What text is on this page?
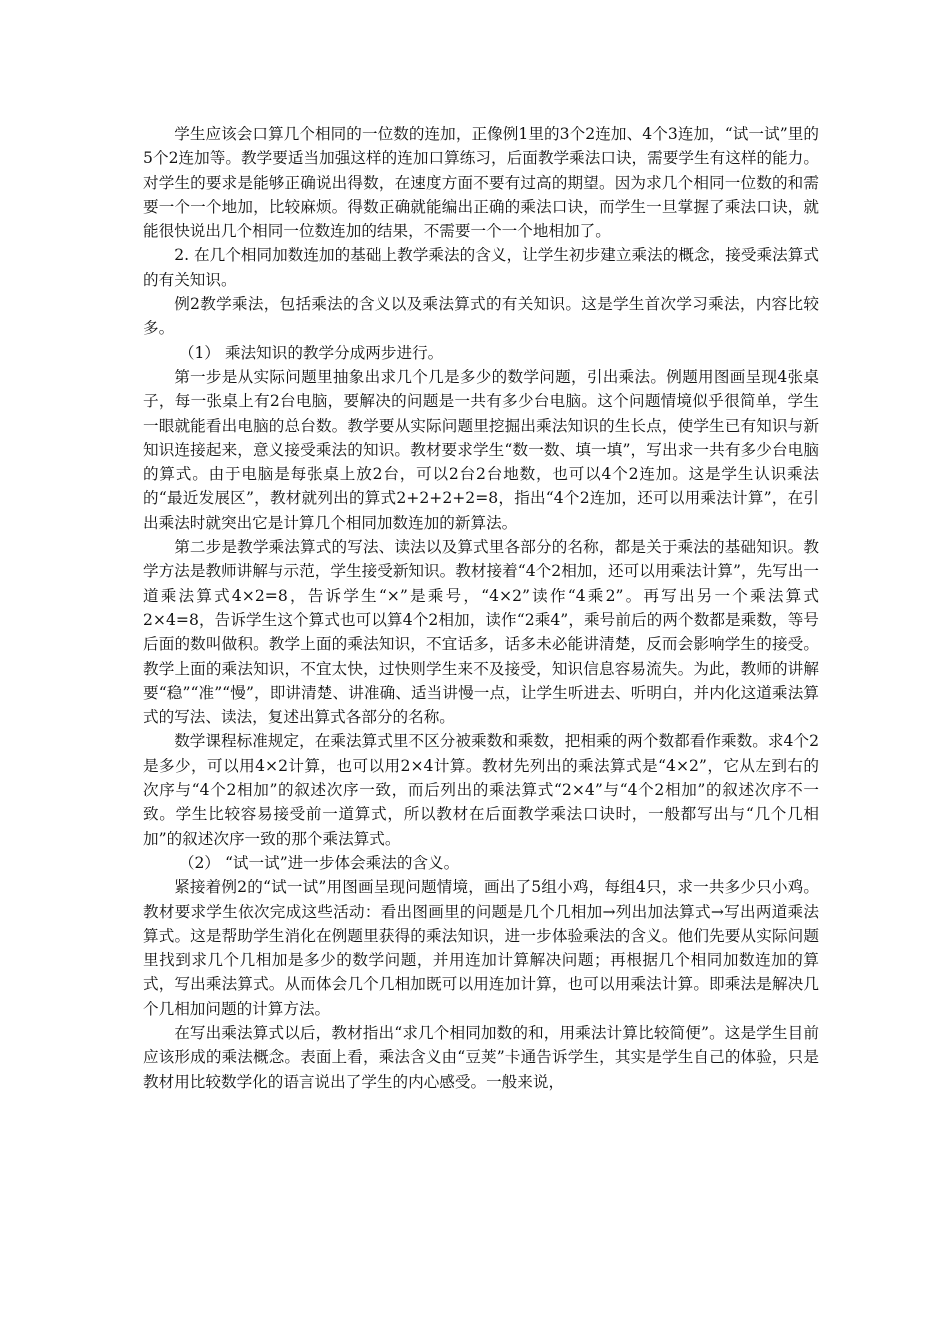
学生应该会口算几个相同的一位数的连加，正像例1里的3个2连加、4个3连加，“试一试”里的5个2连加等。教学要适当加强这样的连加口算练习，后面教学乘法口诀，需要学生有这样的能力。对学生的要求是能够正确说出得数，在速度方面不要有过高的期望。因为求几个相同一位数的和需要一个一个地加，比较麻烦。得数正确就能编出正确的乘法口诀，而学生一旦掌握了乘法口诀，就能很快说出几个相同一位数连加的结果，不需要一个一个地相加了。

2. 在几个相同加数连加的基础上教学乘法的含义，让学生初步建立乘法的概念，接受乘法算式的有关知识。

例2教学乘法，包括乘法的含义以及乘法算式的有关知识。这是学生首次学习乘法，内容比较多。

（1） 乘法知识的教学分成两步进行。

第一步是从实际问题里抽象出求几个几是多少的数学问题，引出乘法。例题用图画呈现4张桌子，每一张桌上有2台电脑，要解决的问题是一共有多少台电脑。这个问题情境似乎很简单，学生一眼就能看出电脑的总台数。教学要从实际问题里挖掘出乘法知识的生长点，使学生已有知识与新知识连接起来，意义接受乘法的知识。教材要求学生“数一数、填一填”，写出求一共有多少台电脑的算式。由于电脑是每张桌上放2台，可以2台2台地数，也可以4个2连加。这是学生认识乘法的“最近发展区”，教材就列出的算式2+2+2+2=8，指出“4个2连加，还可以用乘法计算”，在引出乘法时就突出它是计算几个相同加数连加的新算法。

第二步是教学乘法算式的写法、读法以及算式里各部分的名称，都是关于乘法的基础知识。教学方法是教师讲解与示范，学生接受新知识。教材接着“4个2相加，还可以用乘法计算”，先写出一道乘法算式4×2=8，告诉学生“×”是乘号，“4×2”读作“4乘2”。再写出另一个乘法算式2×4=8，告诉学生这个算式也可以算4个2相加，读作“2乘4”，乘号前后的两个数都是乘数，等号后面的数叫做积。教学上面的乘法知识，不宜话多，话多未必能讲清楚，反而会影响学生的接受。教学上面的乘法知识，不宜太快，过快则学生来不及接受，知识信息容易流失。为此，教师的讲解要“稳”“准”“慢”，即讲清楚、讲准确、适当讲慢一点，让学生听进去、听明白，并内化这道乘法算式的写法、读法，复述出算式各部分的名称。

数学课程标准规定，在乘法算式里不区分被乘数和乘数，把相乘的两个数都看作乘数。求4个2是多少，可以用4×2计算，也可以用2×4计算。教材先列出的乘法算式是“4×2”，它从左到右的次序与“4个2相加”的叙述次序一致，而后列出的乘法算式“2×4”与“4个2相加”的叙述次序不一致。学生比较容易接受前一道算式，所以教材在后面教学乘法口诀时，一般都写出与“几个几相加”的叙述次序一致的那个乘法算式。

（2） “试一试”进一步体会乘法的含义。

紧接着例2的“试一试”用图画呈现问题情境，画出了5组小鸡，每组4只，求一共多少只小鸡。教材要求学生依次完成这些活动：看出图画里的问题是几个几相加→列出加法算式→写出两道乘法算式。这是帮助学生消化在例题里获得的乘法知识，进一步体验乘法的含义。他们先要从实际问题里找到求几个几相加是多少的数学问题，并用连加计算解决问题；再根据几个相同加数连加的算式，写出乘法算式。从而体会几个几相加既可以用连加计算，也可以用乘法计算。即乘法是解决几个几相加问题的计算方法。

在写出乘法算式以后，教材指出“求几个相同加数的和，用乘法计算比较简便”。这是学生目前应该形成的乘法概念。表面上看，乘法含义由“豆荚”卡通告诉学生，其实是学生自己的体验，只是教材用比较数学化的语言说出了学生的内心感受。一般来说，
